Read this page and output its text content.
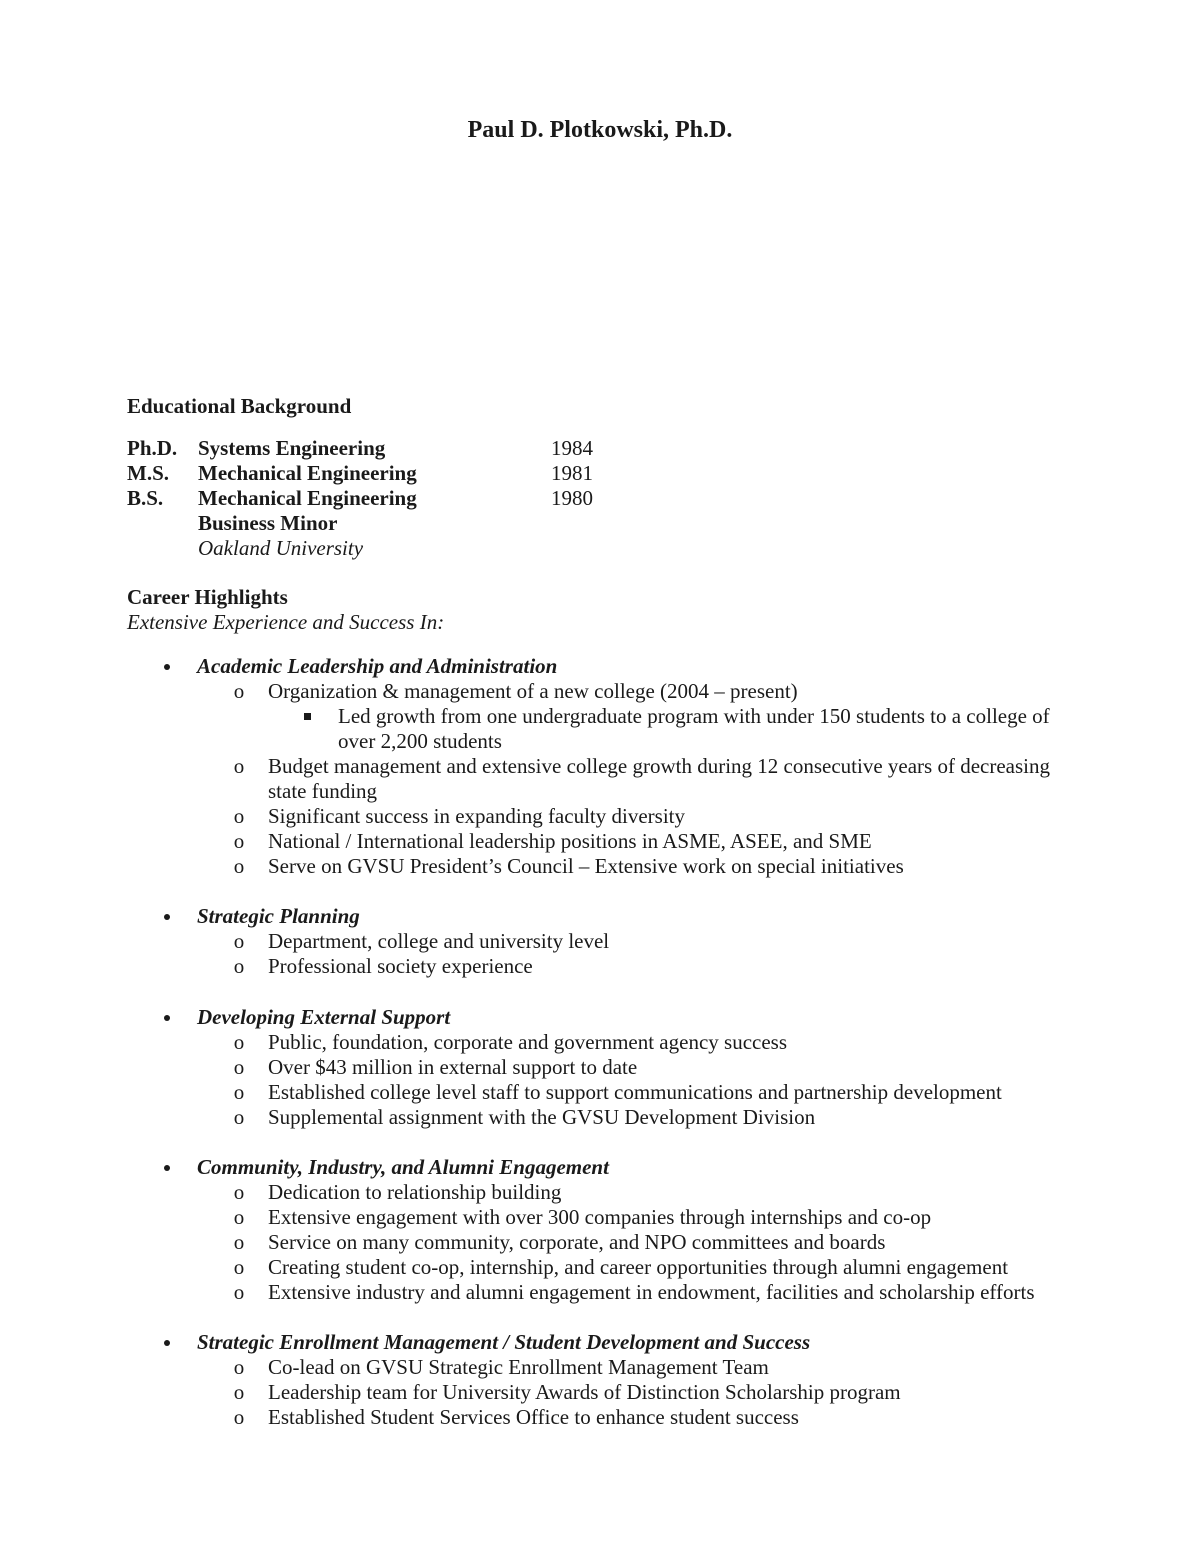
Paul D. Plotkowski, Ph.D.
Educational Background
Ph.D. Systems Engineering	1984
M.S. Mechanical Engineering	1981
B.S. Mechanical Engineering	1980
Business Minor
Oakland University
Career Highlights
Extensive Experience and Success In:
Academic Leadership and Administration
o Organization & management of a new college (2004 – present)
Led growth from one undergraduate program with under 150 students to a college of over 2,200 students
o Budget management and extensive college growth during 12 consecutive years of decreasing state funding
o Significant success in expanding faculty diversity
o National / International leadership positions in ASME, ASEE, and SME
o Serve on GVSU President’s Council – Extensive work on special initiatives
Strategic Planning
o Department, college and university level
o Professional society experience
Developing External Support
o Public, foundation, corporate and government agency success
o Over $43 million in external support to date
o Established college level staff to support communications and partnership development
o Supplemental assignment with the GVSU Development Division
Community, Industry, and Alumni Engagement
o Dedication to relationship building
o Extensive engagement with over 300 companies through internships and co-op
o Service on many community, corporate, and NPO committees and boards
o Creating student co-op, internship, and career opportunities through alumni engagement
o Extensive industry and alumni engagement in endowment, facilities and scholarship efforts
Strategic Enrollment Management / Student Development and Success
o Co-lead on GVSU Strategic Enrollment Management Team
o Leadership team for University Awards of Distinction Scholarship program
o Established Student Services Office to enhance student success
